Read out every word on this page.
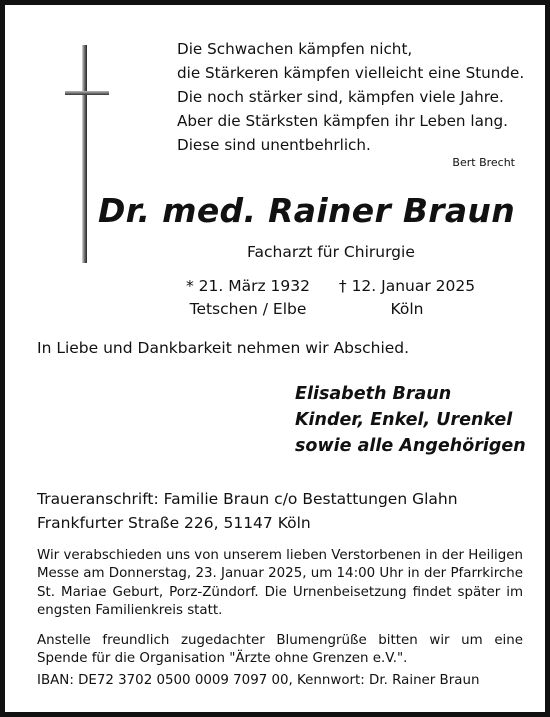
Die Schwachen kämpfen nicht,
die Stärkeren kämpfen vielleicht eine Stunde.
Die noch stärker sind, kämpfen viele Jahre.
Aber die Stärksten kämpfen ihr Leben lang.
Diese sind unentbehrlich.
Bert Brecht
Dr. med. Rainer Braun
Facharzt für Chirurgie
* 21. März 1932
Tetschen / Elbe
† 12. Januar 2025
Köln
In Liebe und Dankbarkeit nehmen wir Abschied.
Elisabeth Braun
Kinder, Enkel, Urenkel
sowie alle Angehörigen
Traueranschrift: Familie Braun c/o Bestattungen Glahn
Frankfurter Straße 226, 51147 Köln
Wir verabschieden uns von unserem lieben Verstorbenen in der Heiligen Messe am Donnerstag, 23. Januar 2025, um 14:00 Uhr in der Pfarrkirche St. Mariae Geburt, Porz-Zündorf. Die Urnenbeisetzung findet später im engsten Familienkreis statt.
Anstelle freundlich zugedachter Blumengrüße bitten wir um eine Spende für die Organisation "Ärzte ohne Grenzen e.V.".
IBAN: DE72 3702 0500 0009 7097 00, Kennwort: Dr. Rainer Braun
